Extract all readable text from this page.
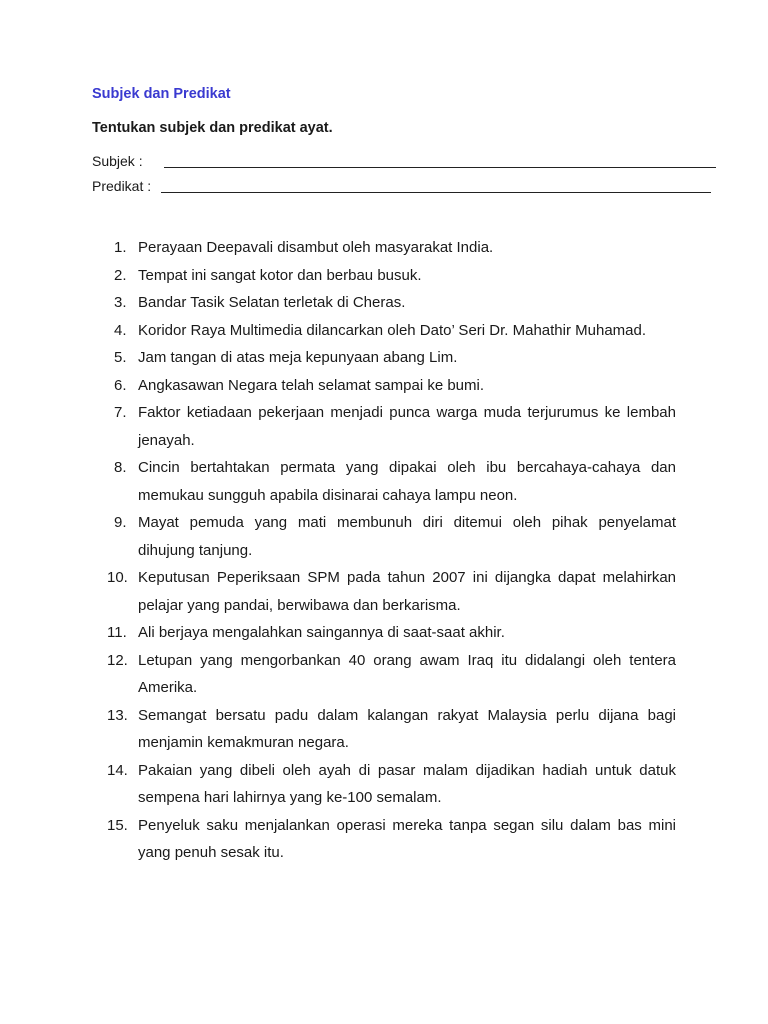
Subjek dan Predikat

Tentukan subjek dan predikat ayat.

Subjek :
Predikat :
1. Perayaan Deepavali disambut oleh masyarakat India.
2. Tempat ini sangat kotor dan berbau busuk.
3. Bandar Tasik Selatan terletak di Cheras.
4. Koridor Raya Multimedia dilancarkan oleh Dato’ Seri Dr. Mahathir Muhamad.
5. Jam tangan di atas meja kepunyaan abang Lim.
6. Angkasawan Negara telah selamat sampai ke bumi.
7. Faktor ketiadaan pekerjaan menjadi punca warga muda terjurumus ke lembah jenayah.
8. Cincin bertahtakan permata yang dipakai oleh ibu bercahaya-cahaya dan memukau sungguh apabila disinarai cahaya lampu neon.
9. Mayat pemuda yang mati membunuh diri ditemui oleh pihak penyelamat dihujung tanjung.
10. Keputusan Peperiksaan SPM pada tahun 2007 ini dijangka dapat melahirkan pelajar yang pandai, berwibawa dan berkarisma.
11. Ali berjaya mengalahkan saingannya di saat-saat akhir.
12. Letupan yang mengorbankan 40 orang awam Iraq itu didalangi oleh tentera Amerika.
13. Semangat bersatu padu dalam kalangan rakyat Malaysia perlu dijana bagi menjamin kemakmuran negara.
14. Pakaian yang dibeli oleh ayah di pasar malam dijadikan hadiah untuk datuk sempena hari lahirnya yang ke-100 semalam.
15. Penyeluk saku menjalankan operasi mereka tanpa segan silu dalam bas mini yang penuh sesak itu.
